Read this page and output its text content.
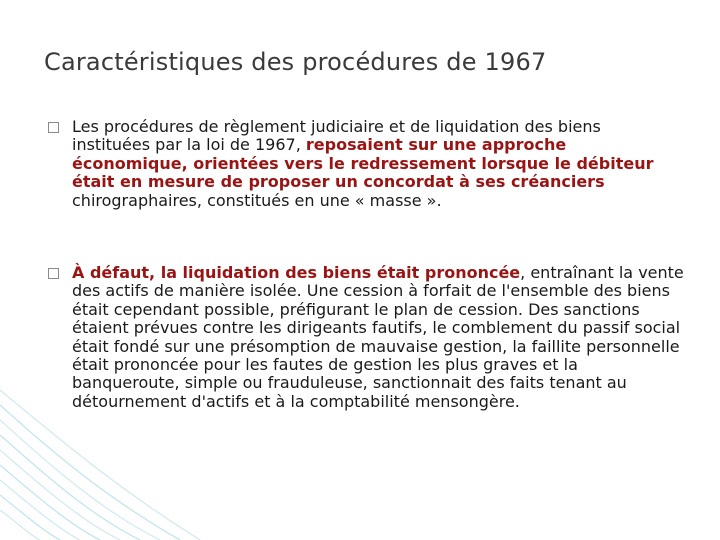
Caractéristiques des procédures de 1967
Les procédures de règlement judiciaire et de liquidation des biens instituées par la loi de 1967, reposaient sur une approche économique, orientées vers le redressement lorsque le débiteur était en mesure de proposer un concordat à ses créanciers chirographaires, constitués en une « masse ».
À défaut, la liquidation des biens était prononcée, entraînant la vente des actifs de manière isolée. Une cession à forfait de l'ensemble des biens était cependant possible, préfigurant le plan de cession. Des sanctions étaient prévues contre les dirigeants fautifs, le comblement du passif social était fondé sur une présomption de mauvaise gestion, la faillite personnelle était prononcée pour les fautes de gestion les plus graves et la banqueroute, simple ou frauduleuse, sanctionnait des faits tenant au détournement d'actifs et à la comptabilité mensongère.
